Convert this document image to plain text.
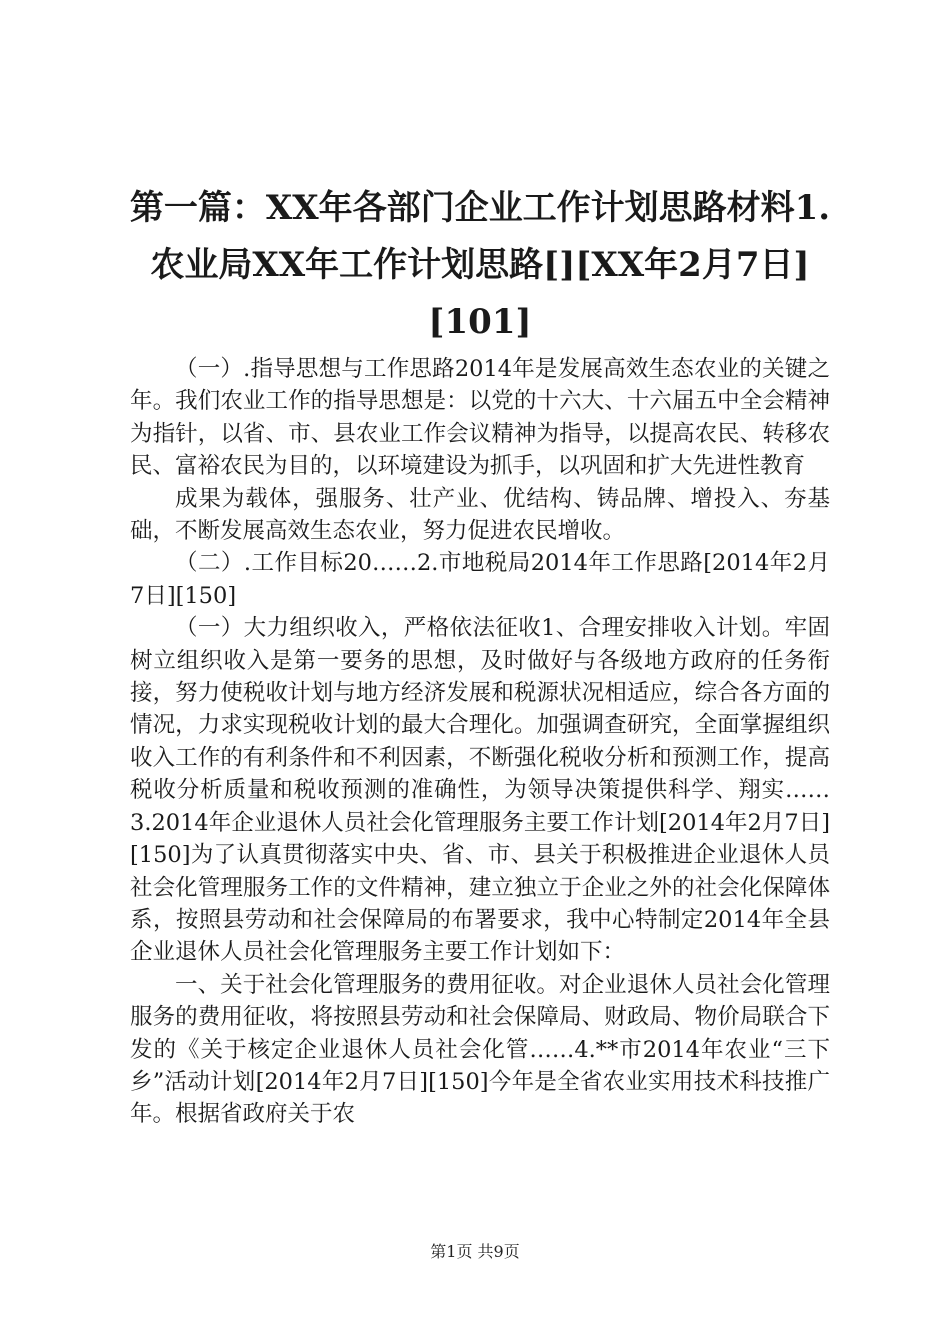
第一篇：XX年各部门企业工作计划思路材料1.农业局XX年工作计划思路[][XX年2月7日][101]

（一）.指导思想与工作思路2014年是发展高效生态农业的关键之年。我们农业工作的指导思想是：以党的十六大、十六届五中全会精神为指针，以省、市、县农业工作会议精神为指导，以提高农民、转移农民、富裕农民为目的，以环境建设为抓手，以巩固和扩大先进性教育

成果为载体，强服务、壮产业、优结构、铸品牌、增投入、夯基础，不断发展高效生态农业，努力促进农民增收。

（二）.工作目标20……2.市地税局2014年工作思路[2014年2月7日][150]

（一）大力组织收入，严格依法征收1、合理安排收入计划。牢固树立组织收入是第一要务的思想，及时做好与各级地方政府的任务衔接，努力使税收计划与地方经济发展和税源状况相适应，综合各方面的情况，力求实现税收计划的最大合理化。加强调查研究，全面掌握组织收入工作的有利条件和不利因素，不断强化税收分析和预测工作，提高税收分析质量和税收预测的准确性，为领导决策提供科学、翔实……3.2014年企业退休人员社会化管理服务主要工作计划[2014年2月7日][150]为了认真贯彻落实中央、省、市、县关于积极推进企业退休人员社会化管理服务工作的文件精神，建立独立于企业之外的社会化保障体系，按照县劳动和社会保障局的布署要求，我中心特制定2014年全县企业退休人员社会化管理服务主要工作计划如下：

一、关于社会化管理服务的费用征收。对企业退休人员社会化管理服务的费用征收，将按照县劳动和社会保障局、财政局、物价局联合下发的《关于核定企业退休人员社会化管……4.**市2014年农业“三下乡”活动计划[2014年2月7日][150]今年是全省农业实用技术科技推广年。根据省政府关于农

第1页 共9页
